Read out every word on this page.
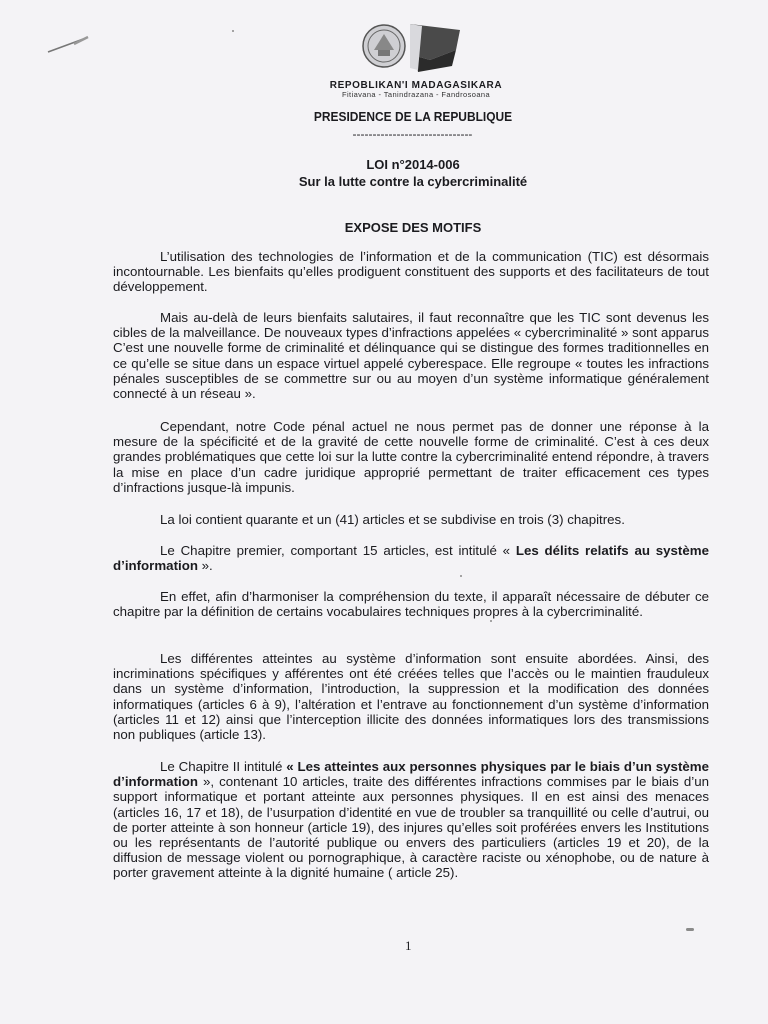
REPOBLIKAN'I MADAGASIKARA
Fitiavana - Tanindrazana - Fandrosoana
PRESIDENCE DE LA REPUBLIQUE
------------------------------
LOI n°2014-006
Sur la lutte contre la cybercriminalité
EXPOSE DES MOTIFS

L’utilisation des technologies de l’information et de la communication (TIC) est désormais incontournable. Les bienfaits qu’elles prodiguent constituent des supports et des facilitateurs de tout développement.

Mais au-delà de leurs bienfaits salutaires, il faut reconnaître que les TIC sont devenus les cibles de la malveillance. De nouveaux types d’infractions appelées « cybercriminalité » sont apparus C’est une nouvelle forme de criminalité et délinquance qui se distingue des formes traditionnelles en ce qu’elle se situe dans un espace virtuel appelé cyberespace. Elle regroupe « toutes les infractions pénales susceptibles de se commettre sur ou au moyen d’un système informatique généralement connecté à un réseau ».

Cependant, notre Code pénal actuel ne nous permet pas de donner une réponse à la mesure de la spécificité et de la gravité de cette nouvelle forme de criminalité. C’est à ces deux grandes problématiques que cette loi sur la lutte contre la cybercriminalité entend répondre, à travers la mise en place d’un cadre juridique approprié permettant de traiter efficacement ces types d’infractions jusque-là impunis.

La loi contient quarante et un (41) articles et se subdivise en trois (3) chapitres.

Le Chapitre premier, comportant 15 articles, est intitulé « Les délits relatifs au système d’information ».

En effet, afin d’harmoniser la compréhension du texte, il apparaît nécessaire de débuter ce chapitre par la définition de certains vocabulaires techniques propres à la cybercriminalité.

Les différentes atteintes au système d’information sont ensuite abordées. Ainsi, des incriminations spécifiques y afférentes ont été créées telles que l’accès ou le maintien frauduleux dans un système d’information, l’introduction, la suppression et la modification des données informatiques (articles 6 à 9), l’altération et l’entrave au fonctionnement d’un système d’information (articles 11 et 12) ainsi que l’interception illicite des données informatiques lors des transmissions non publiques (article 13).

Le Chapitre II intitulé « Les atteintes aux personnes physiques par le biais d’un système d’information », contenant 10 articles, traite des différentes infractions commises par le biais d’un support informatique et portant atteinte aux personnes physiques. Il en est ainsi des menaces (articles 16, 17 et 18), de l’usurpation d’identité en vue de troubler sa tranquillité ou celle d’autrui, ou de porter atteinte à son honneur (article 19), des injures qu’elles soit proférées envers les Institutions ou les représentants de l’autorité publique ou envers des particuliers (articles 19 et 20), de la diffusion de message violent ou pornographique, à caractère raciste ou xénophobe, ou de nature à porter gravement atteinte à la dignité humaine ( article 25).

1
